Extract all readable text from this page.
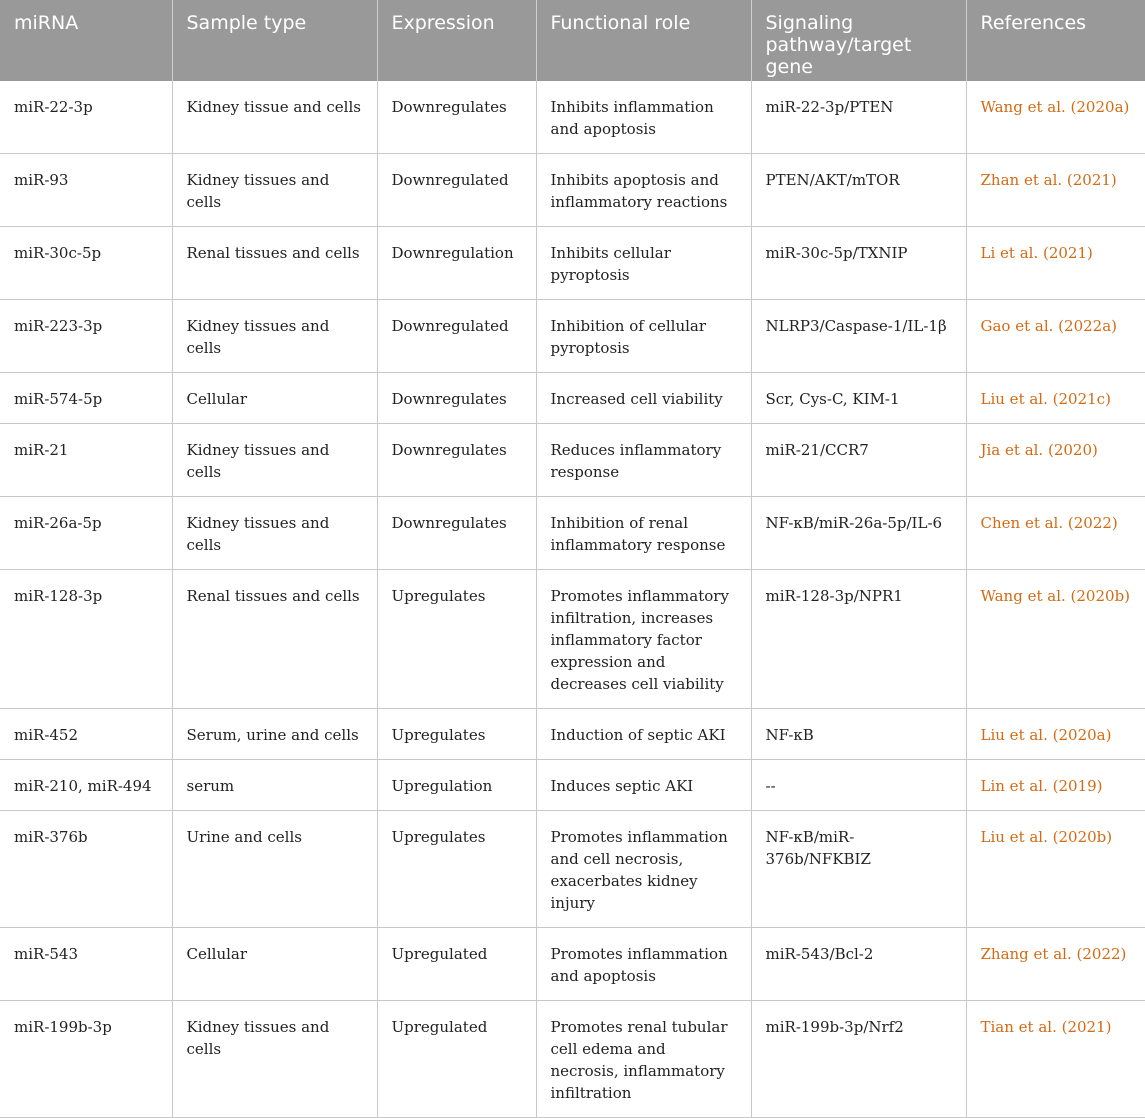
miRNA	Sample type	Expression	Functional role	Signaling pathway/target gene	References
miR-22-3p	Kidney tissue and cells	Downregulates	Inhibits inflammation and apoptosis	miR-22-3p/PTEN	Wang et al. (2020a)
miR-93	Kidney tissues and cells	Downregulated	Inhibits apoptosis and inflammatory reactions	PTEN/AKT/mTOR	Zhan et al. (2021)
miR-30c-5p	Renal tissues and cells	Downregulation	Inhibits cellular pyroptosis	miR-30c-5p/TXNIP	Li et al. (2021)
miR-223-3p	Kidney tissues and cells	Downregulated	Inhibition of cellular pyroptosis	NLRP3/Caspase-1/IL-1β	Gao et al. (2022a)
miR-574-5p	Cellular	Downregulates	Increased cell viability	Scr, Cys-C, KIM-1	Liu et al. (2021c)
miR-21	Kidney tissues and cells	Downregulates	Reduces inflammatory response	miR-21/CCR7	Jia et al. (2020)
miR-26a-5p	Kidney tissues and cells	Downregulates	Inhibition of renal inflammatory response	NF-κB/miR-26a-5p/IL-6	Chen et al. (2022)
miR-128-3p	Renal tissues and cells	Upregulates	Promotes inflammatory infiltration, increases inflammatory factor expression and decreases cell viability	miR-128-3p/NPR1	Wang et al. (2020b)
miR-452	Serum, urine and cells	Upregulates	Induction of septic AKI	NF-κB	Liu et al. (2020a)
miR-210, miR-494	serum	Upregulation	Induces septic AKI	--	Lin et al. (2019)
miR-376b	Urine and cells	Upregulates	Promotes inflammation and cell necrosis, exacerbates kidney injury	NF-κB/miR-376b/NFKBIZ	Liu et al. (2020b)
miR-543	Cellular	Upregulated	Promotes inflammation and apoptosis	miR-543/Bcl-2	Zhang et al. (2022)
miR-199b-3p	Kidney tissues and cells	Upregulated	Promotes renal tubular cell edema and necrosis, inflammatory infiltration	miR-199b-3p/Nrf2	Tian et al. (2021)
